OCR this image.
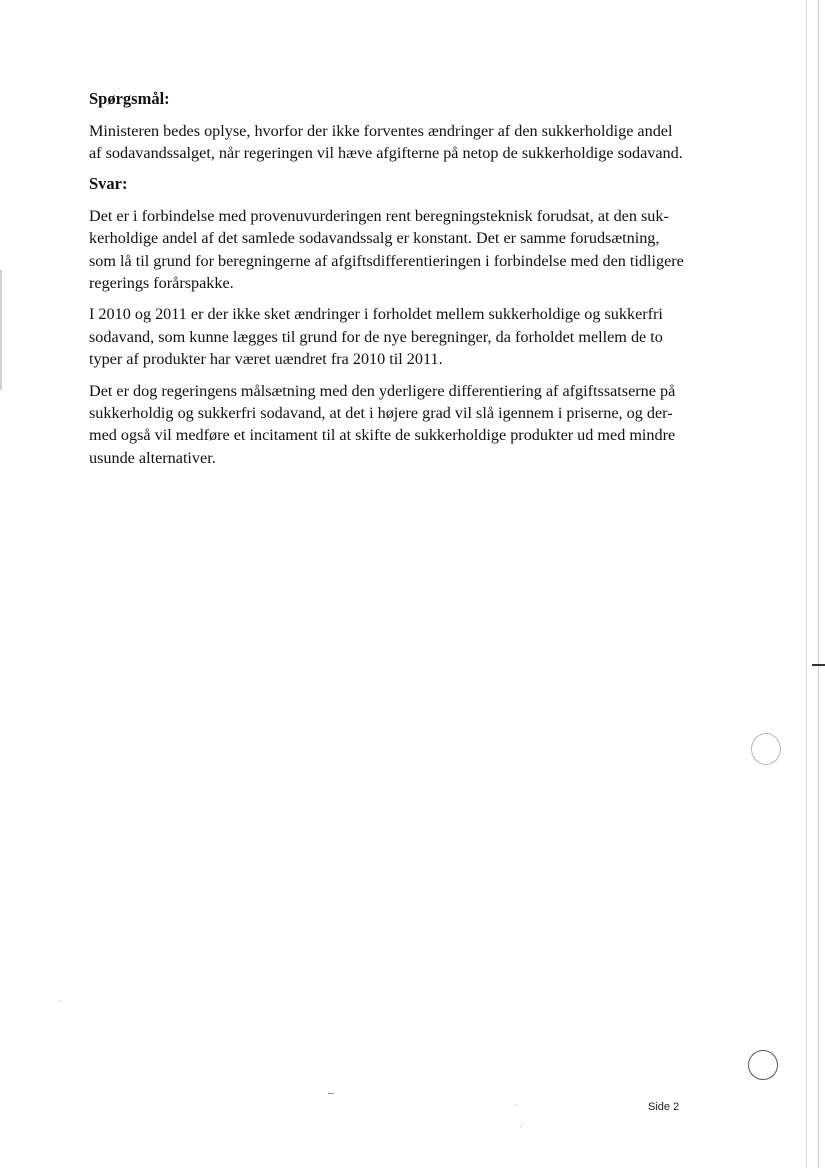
Spørgsmål:

Ministeren bedes oplyse, hvorfor der ikke forventes ændringer af den sukkerholdige andel
af sodavandssalget, når regeringen vil hæve afgifterne på netop de sukkerholdige sodavand.

Svar:

Det er i forbindelse med provenuvurderingen rent beregningsteknisk forudsat, at den suk-
kerholdige andel af det samlede sodavandssalg er konstant. Det er samme forudsætning,
som lå til grund for beregningerne af afgiftsdifferentieringen i forbindelse med den tidligere
regerings forårspakke.

I 2010 og 2011 er der ikke sket ændringer i forholdet mellem sukkerholdige og sukkerfri
sodavand, som kunne lægges til grund for de nye beregninger, da forholdet mellem de to
typer af produkter har været uændret fra 2010 til 2011.

Det er dog regeringens målsætning med den yderligere differentiering af afgiftssatserne på
sukkerholdig og sukkerfri sodavand, at det i højere grad vil slå igennem i priserne, og der-
med også vil medføre et incitament til at skifte de sukkerholdige produkter ud med mindre
usunde alternativer.

Side 2
